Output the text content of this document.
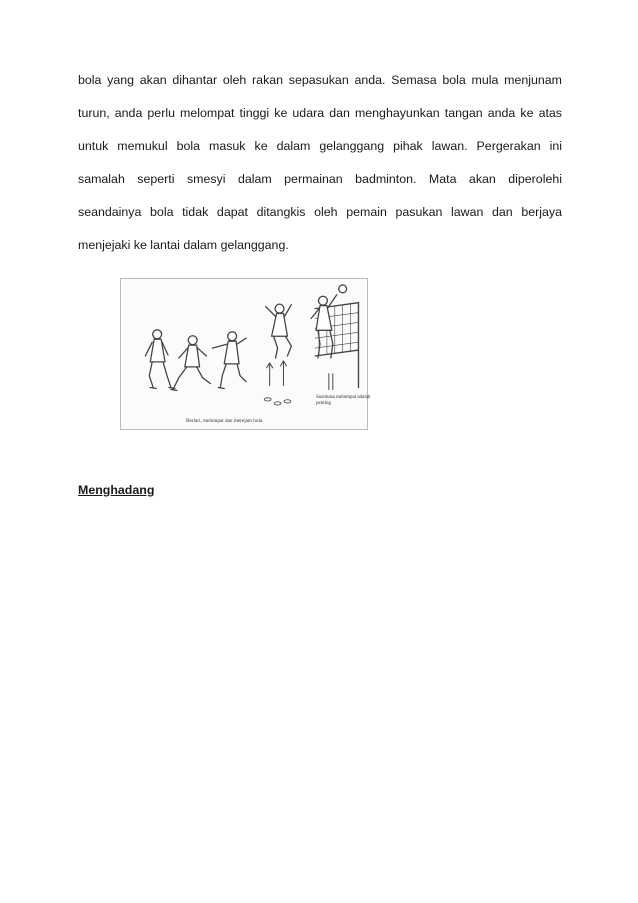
bola yang akan dihantar oleh rakan sepasukan anda. Semasa bola mula menjunam
turun, anda perlu melompat tinggi ke udara dan menghayunkan tangan anda ke atas
untuk memukul bola masuk ke dalam gelanggang pihak lawan. Pergerakan ini
samalah seperti smesyi dalam permainan badminton. Mata akan diperolehi
seandainya bola tidak dapat ditangkis oleh pemain pasukan lawan dan berjaya
menjejaki ke lantai dalam gelanggang.
Susimasa melompat adalah penting
Berlari, melompat dan merejam bola

Menghadang
